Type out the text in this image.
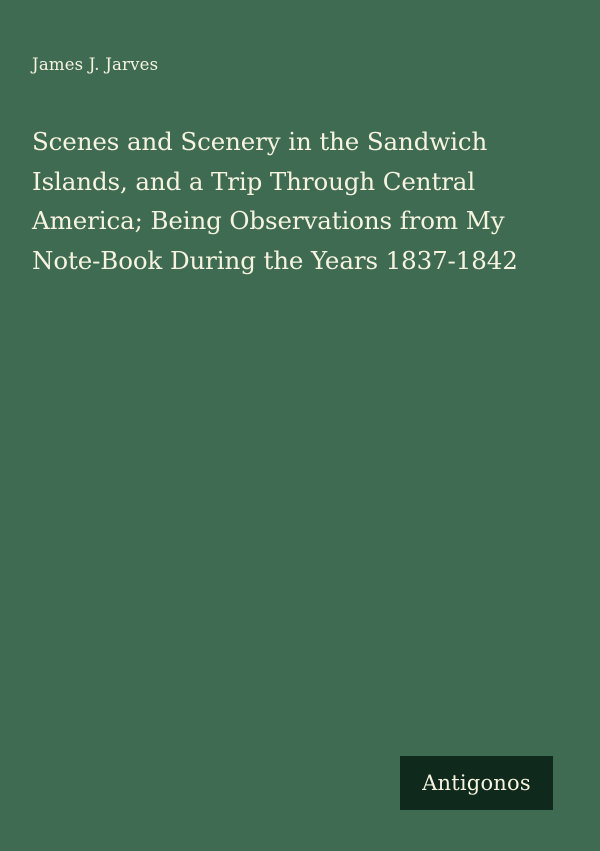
James J. Jarves
Scenes and Scenery in the Sandwich
Islands, and a Trip Through Central
America; Being Observations from My
Note-Book During the Years 1837-1842
Antigonos
